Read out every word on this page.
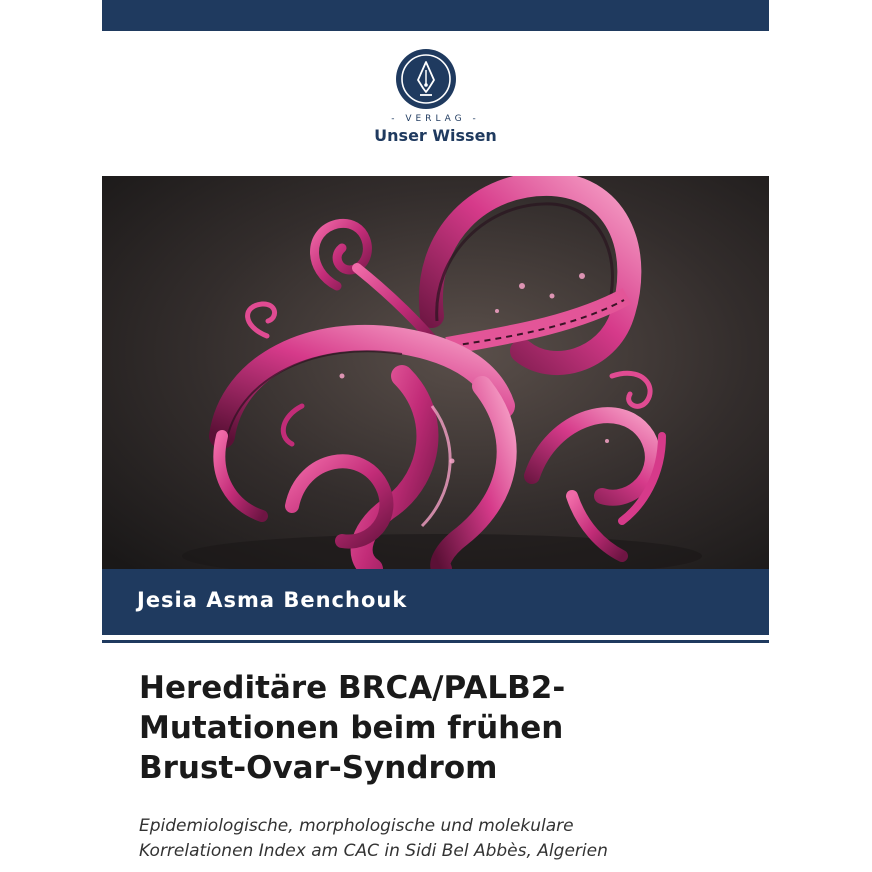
- VERLAG -
Unser Wissen
Jesia Asma Benchouk
Hereditäre BRCA/PALB2-
Mutationen beim frühen
Brust-Ovar-Syndrom
Epidemiologische, morphologische und molekulare
Korrelationen Index am CAC in Sidi Bel Abbès, Algerien
